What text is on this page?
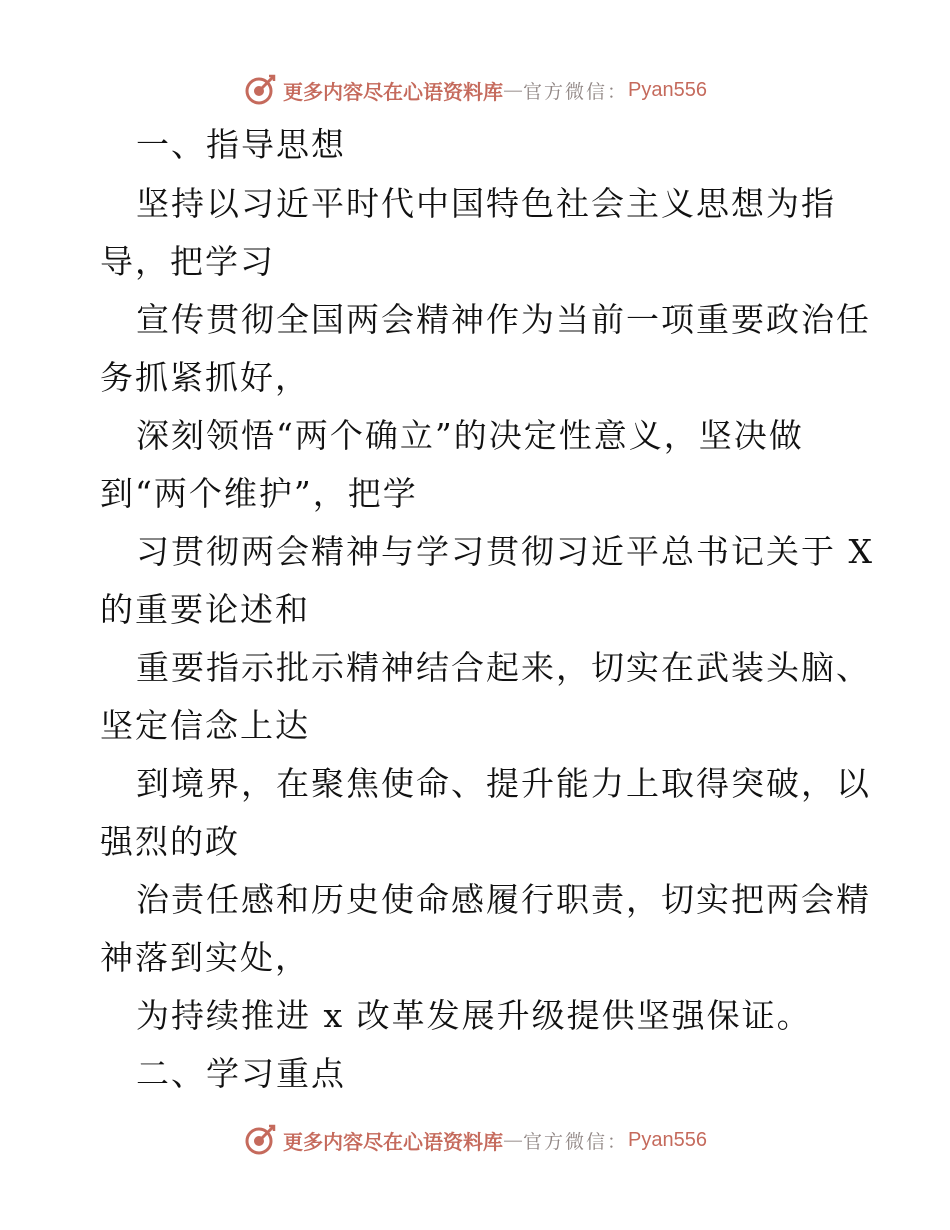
更多内容尽在心语资料库 — 官方微信： Pyan556
一、指导思想
坚持以习近平时代中国特色社会主义思想为指
导，把学习
宣传贯彻全国两会精神作为当前一项重要政治任
务抓紧抓好，
深刻领悟“两个确立”的决定性意义，坚决做
到“两个维护”，把学
习贯彻两会精神与学习贯彻习近平总书记关于 X
的重要论述和
重要指示批示精神结合起来，切实在武装头脑、
坚定信念上达
到境界，在聚焦使命、提升能力上取得突破，以
强烈的政
治责任感和历史使命感履行职责，切实把两会精
神落到实处，
为持续推进 x 改革发展升级提供坚强保证。
二、学习重点
更多内容尽在心语资料库 — 官方微信： Pyan556
